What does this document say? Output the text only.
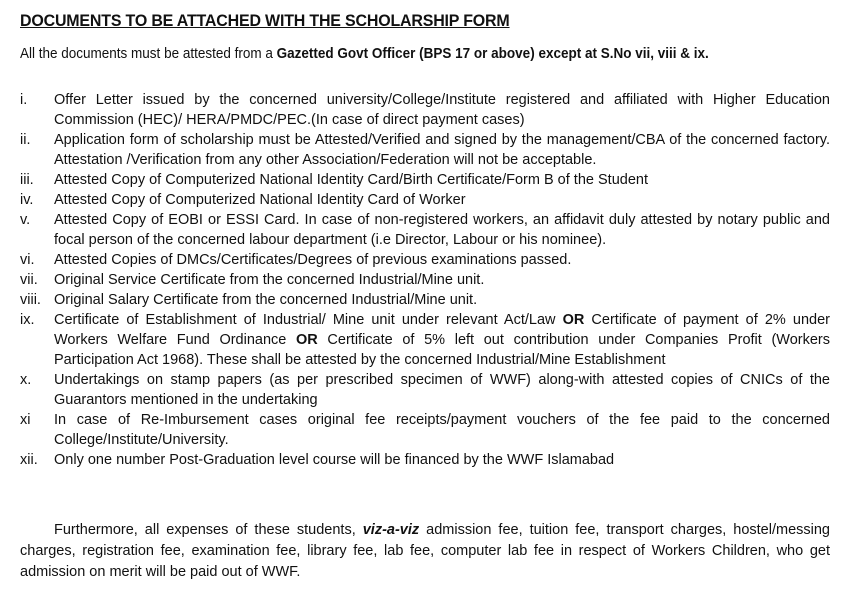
DOCUMENTS TO BE ATTACHED WITH THE SCHOLARSHIP FORM
All the documents must be attested from a Gazetted Govt Officer (BPS 17 or above) except at S.No vii, viii & ix.
i.	Offer Letter issued by the concerned university/College/Institute registered and affiliated with Higher Education Commission (HEC)/ HERA/PMDC/PEC.(In case of direct payment cases)
ii.	Application form of scholarship must be Attested/Verified and signed by the management/CBA of the concerned factory. Attestation /Verification from any other Association/Federation will not be acceptable.
iii.	Attested Copy of Computerized National Identity Card/Birth Certificate/Form B of the Student
iv.	Attested Copy of Computerized National Identity Card of Worker
v.	Attested Copy of EOBI or ESSI Card. In case of non-registered workers, an affidavit duly attested by notary public and focal person of the concerned labour department (i.e Director, Labour or his nominee).
vi.	Attested Copies of DMCs/Certificates/Degrees of previous examinations passed.
vii.	Original Service Certificate from the concerned Industrial/Mine unit.
viii. Original Salary Certificate from the concerned Industrial/Mine unit.
ix.	Certificate of Establishment of Industrial/ Mine unit under relevant Act/Law OR Certificate of payment of 2% under Workers Welfare Fund Ordinance OR Certificate of 5% left out contribution under Companies Profit (Workers Participation Act 1968). These shall be attested by the concerned Industrial/Mine Establishment
x.	Undertakings on stamp papers (as per prescribed specimen of WWF) along-with attested copies of CNICs of the Guarantors mentioned in the undertaking
xi	In case of Re-Imbursement cases original fee receipts/payment vouchers of the fee paid to the concerned College/Institute/University.
xii.	Only one number Post-Graduation level course will be financed by the WWF Islamabad
Furthermore, all expenses of these students, viz-a-viz admission fee, tuition fee, transport charges, hostel/messing charges, registration fee, examination fee, library fee, lab fee, computer lab fee in respect of Workers Children, who get admission on merit will be paid out of WWF.
